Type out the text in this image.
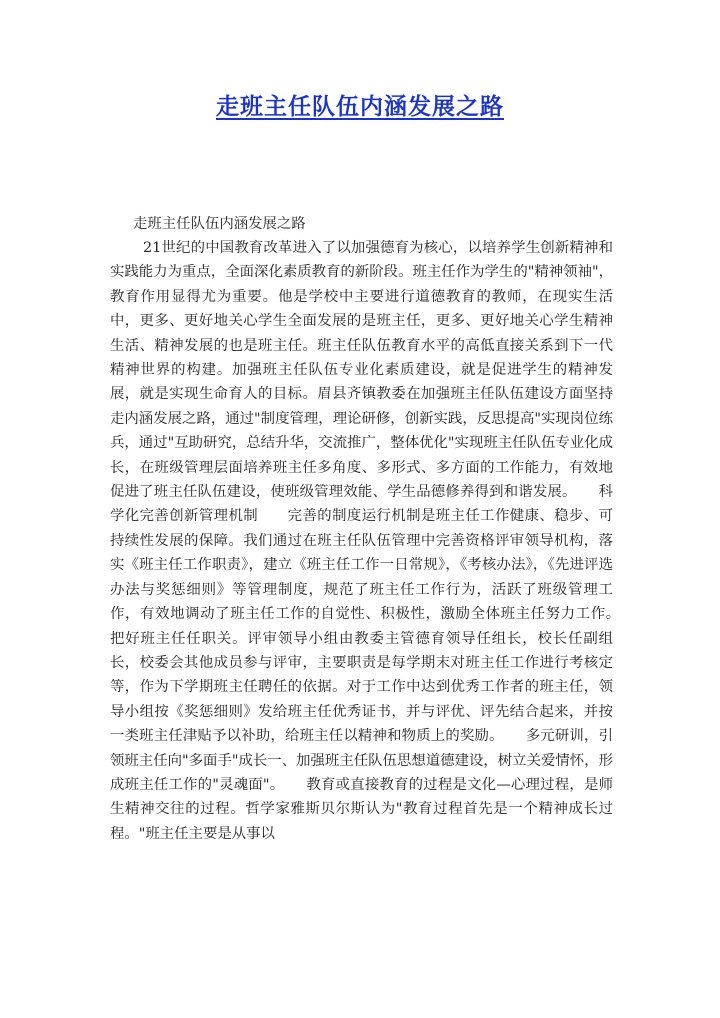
走班主任队伍内涵发展之路
走班主任队伍内涵发展之路

21世纪的中国教育改革进入了以加强德育为核心，以培养学生创新精神和实践能力为重点，全面深化素质教育的新阶段。班主任作为学生的"精神领袖"，教育作用显得尤为重要。他是学校中主要进行道德教育的教师，在现实生活中，更多、更好地关心学生全面发展的是班主任，更多、更好地关心学生精神生活、精神发展的也是班主任。班主任队伍教育水平的高低直接关系到下一代精神世界的构建。加强班主任队伍专业化素质建设，就是促进学生的精神发展，就是实现生命育人的目标。眉县齐镇教委在加强班主任队伍建设方面坚持走内涵发展之路，通过"制度管理，理论研修，创新实践，反思提高"实现岗位练兵，通过"互助研究，总结升华，交流推广，整体优化"实现班主任队伍专业化成长，在班级管理层面培养班主任多角度、多形式、多方面的工作能力，有效地促进了班主任队伍建设，使班级管理效能、学生品德修养得到和谐发展。　　科学化完善创新管理机制　　完善的制度运行机制是班主任工作健康、稳步、可持续性发展的保障。我们通过在班主任队伍管理中完善资格评审领导机构，落实《班主任工作职责》，建立《班主任工作一日常规》，《考核办法》，《先进评选办法与奖惩细则》等管理制度，规范了班主任工作行为，活跃了班级管理工作，有效地调动了班主任工作的自觉性、积极性，激励全体班主任努力工作。　　把好班主任任职关。评审领导小组由教委主管德育领导任组长，校长任副组长，校委会其他成员参与评审，主要职责是每学期末对班主任工作进行考核定等，作为下学期班主任聘任的依据。对于工作中达到优秀工作者的班主任，领导小组按《奖惩细则》发给班主任优秀证书，并与评优、评先结合起来，并按一类班主任津贴予以补助，给班主任以精神和物质上的奖励。　　多元研训，引领班主任向"多面手"成长一、加强班主任队伍思想道德建设，树立关爱情怀，形成班主任工作的"灵魂面"。　　教育或直接教育的过程是文化—心理过程，是师生精神交往的过程。哲学家雅斯贝尔斯认为"教育过程首先是一个精神成长过程。"班主任主要是从事以
